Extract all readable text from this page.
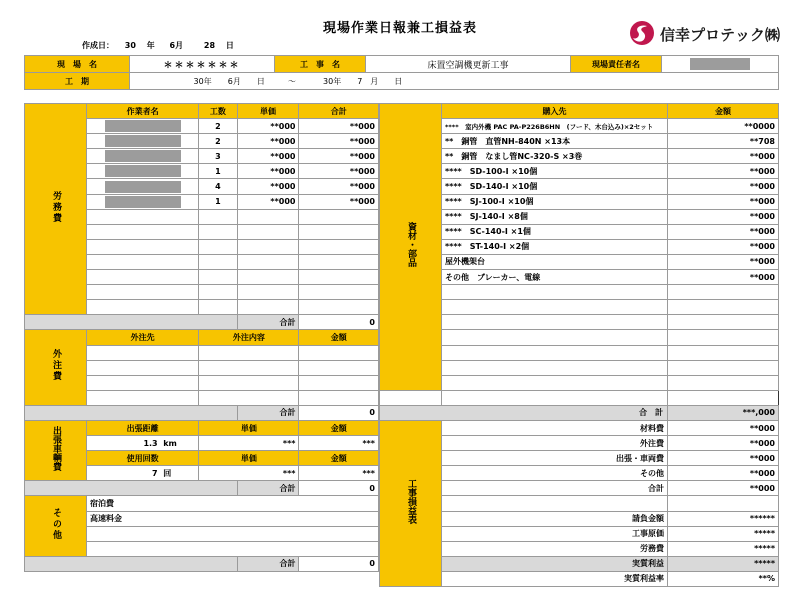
現場作業日報兼工損益表
作成日： 30 年 6月	28 日
信幸プロテック㈱
現　場　名	＊＊＊＊＊＊＊	工　事　名	床置空調機更新工事	現場責任者名	
工　期	30年　　6月　　日 ～ 30年　　7　月　　日				
労務費	作業者名	工数	単価	合計
		2	**000	**000
		2	**000	**000
		3	**000	**000
		1	**000	**000
		4	**000	**000
		1	**000	**000

			合計	0
外注費	外注先	外注内容		金額

			合計	0
出張車輌費	出張距離	単価		金額
	1.3 km	***		***
	使用回数	単価		金額
	7 回	***		***
			合計	0
その他	宿泊費			
	高速料金			

			合計	0
資材・部品	購入先	金額
	****　室内外機 PAC PA-P226B6HN　(フード、木台込み)×2セット	**0000
	**　銅管　直管NH-840N ×13本	**708
	**　銅管　なまし管NC-320-S ×3巻	**000
	****　SD-100-Ⅰ ×10個	**000
	****　SD-140-Ⅰ ×10個	**000
	****　SJ-100-Ⅰ ×10個	**000
	****　SJ-140-Ⅰ ×8個	**000
	****　SC-140-Ⅰ ×1個	**000
	****　ST-140-Ⅰ ×2個	**000
	屋外機架台	**000
	その他　ブレーカー、電線	**000

合　計		***,000
工事損益表	材料費	**000
	外注費	**000
	出張・車両費	**000
	その他	**000
	合計	**000

	請負金額	******
	工事原価	*****
	労務費	*****
	実質利益	*****
	実質利益率	**%
